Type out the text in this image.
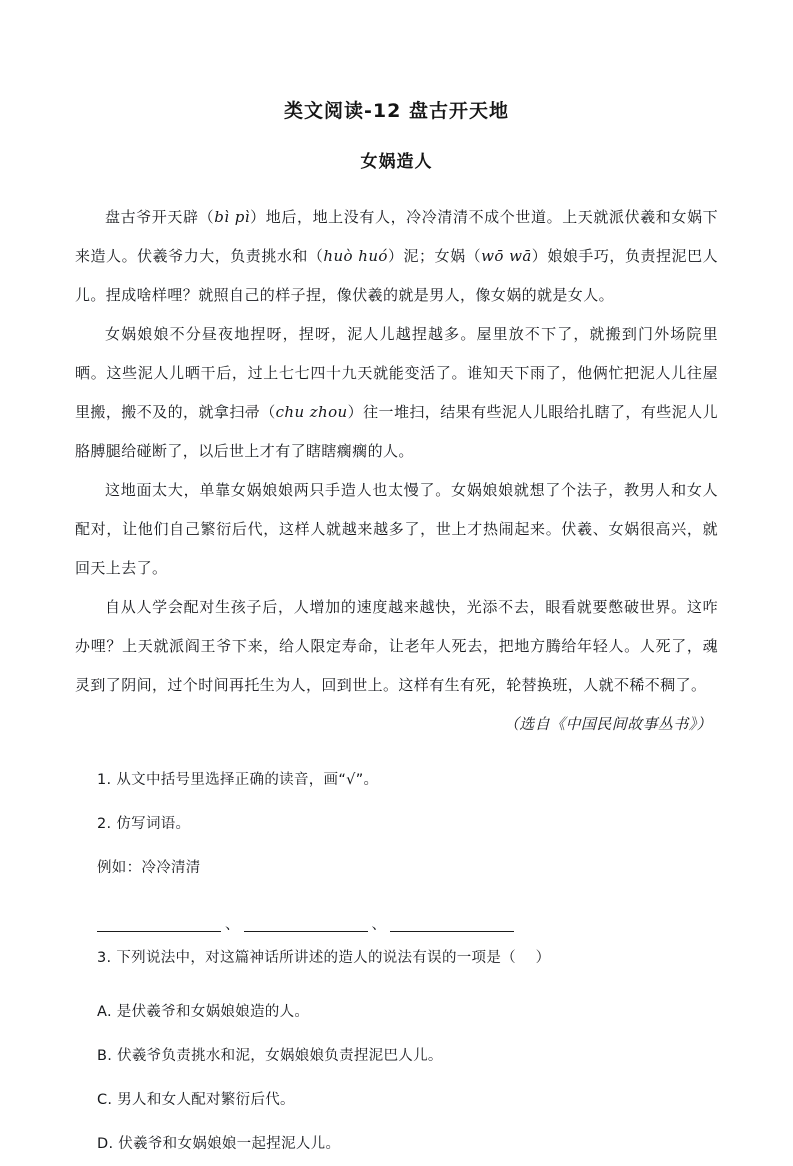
类文阅读-12 盘古开天地
女娲造人

盘古爷开天辟（bì pì）地后，地上没有人，冷冷清清不成个世道。上天就派伏羲和女娲下来造人。伏羲爷力大，负责挑水和（huò huó）泥；女娲（wō wā）娘娘手巧，负责捏泥巴人儿。捏成啥样哩？就照自己的样子捏，像伏羲的就是男人，像女娲的就是女人。

女娲娘娘不分昼夜地捏呀，捏呀，泥人儿越捏越多。屋里放不下了，就搬到门外场院里晒。这些泥人儿晒干后，过上七七四十九天就能变活了。谁知天下雨了，他俩忙把泥人儿往屋里搬，搬不及的，就拿扫帚（chu zhou）往一堆扫，结果有些泥人儿眼给扎瞎了，有些泥人儿胳膊腿给碰断了，以后世上才有了瞎瞎瘸瘸的人。

这地面太大，单靠女娲娘娘两只手造人也太慢了。女娲娘娘就想了个法子，教男人和女人配对，让他们自己繁衍后代，这样人就越来越多了，世上才热闹起来。伏羲、女娲很高兴，就回天上去了。

自从人学会配对生孩子后，人增加的速度越来越快，光添不去，眼看就要憋破世界。这咋办哩？上天就派阎王爷下来，给人限定寿命，让老年人死去，把地方腾给年轻人。人死了，魂灵到了阴间，过个时间再托生为人，回到世上。这样有生有死，轮替换班，人就不稀不稠了。

（选自《中国民间故事丛书》）

1. 从文中括号里选择正确的读音，画“√”。

2. 仿写词语。

例如：冷冷清清

、	、

3. 下列说法中，对这篇神话所讲述的造人的说法有误的一项是（    ）

A. 是伏羲爷和女娲娘娘造的人。

B. 伏羲爷负责挑水和泥，女娲娘娘负责捏泥巴人儿。

C. 男人和女人配对繁衍后代。

D. 伏羲爷和女娲娘娘一起捏泥人儿。
